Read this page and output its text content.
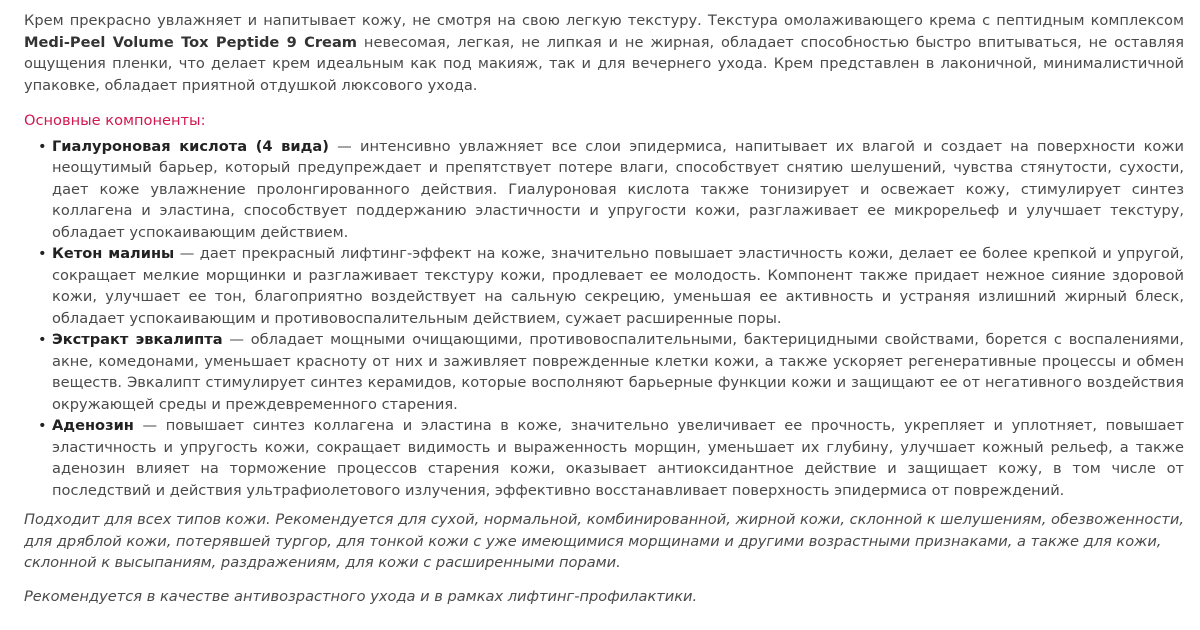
Крем прекрасно увлажняет и напитывает кожу, не смотря на свою легкую текстуру. Текстура омолаживающего крема с пептидным комплексом Medi-Peel Volume Tox Peptide 9 Cream невесомая, легкая, не липкая и не жирная, обладает способностью быстро впитываться, не оставляя ощущения пленки, что делает крем идеальным как под макияж, так и для вечернего ухода. Крем представлен в лаконичной, минималистичной упаковке, обладает приятной отдушкой люксового ухода.

Основные компоненты:
• Гиалуроновая кислота (4 вида) — интенсивно увлажняет все слои эпидермиса, напитывает их влагой и создает на поверхности кожи неощутимый барьер, который предупреждает и препятствует потере влаги, способствует снятию шелушений, чувства стянутости, сухости, дает коже увлажнение пролонгированного действия. Гиалуроновая кислота также тонизирует и освежает кожу, стимулирует синтез коллагена и эластина, способствует поддержанию эластичности и упругости кожи, разглаживает ее микрорельеф и улучшает текстуру, обладает успокаивающим действием.
• Кетон малины — дает прекрасный лифтинг-эффект на коже, значительно повышает эластичность кожи, делает ее более крепкой и упругой, сокращает мелкие морщинки и разглаживает текстуру кожи, продлевает ее молодость. Компонент также придает нежное сияние здоровой кожи, улучшает ее тон, благоприятно воздействует на сальную секрецию, уменьшая ее активность и устраняя излишний жирный блеск, обладает успокаивающим и противовоспалительным действием, сужает расширенные поры.
• Экстракт эвкалипта — обладает мощными очищающими, противовоспалительными, бактерицидными свойствами, борется с воспалениями, акне, комедонами, уменьшает красноту от них и заживляет поврежденные клетки кожи, а также ускоряет регенеративные процессы и обмен веществ. Эвкалипт стимулирует синтез керамидов, которые восполняют барьерные функции кожи и защищают ее от негативного воздействия окружающей среды и преждевременного старения.
• Аденозин — повышает синтез коллагена и эластина в коже, значительно увеличивает ее прочность, укрепляет и уплотняет, повышает эластичность и упругость кожи, сокращает видимость и выраженность морщин, уменьшает их глубину, улучшает кожный рельеф, а также аденозин влияет на торможение процессов старения кожи, оказывает антиоксидантное действие и защищает кожу, в том числе от последствий и действия ультрафиолетового излучения, эффективно восстанавливает поверхность эпидермиса от повреждений.

Подходит для всех типов кожи. Рекомендуется для сухой, нормальной, комбинированной, жирной кожи, склонной к шелушениям, обезвоженности, для дряблой кожи, потерявшей тургор, для тонкой кожи с уже имеющимися морщинами и другими возрастными признаками, а также для кожи, склонной к высыпаниям, раздражениям, для кожи с расширенными порами.

Рекомендуется в качестве антивозрастного ухода и в рамках лифтинг-профилактики.
